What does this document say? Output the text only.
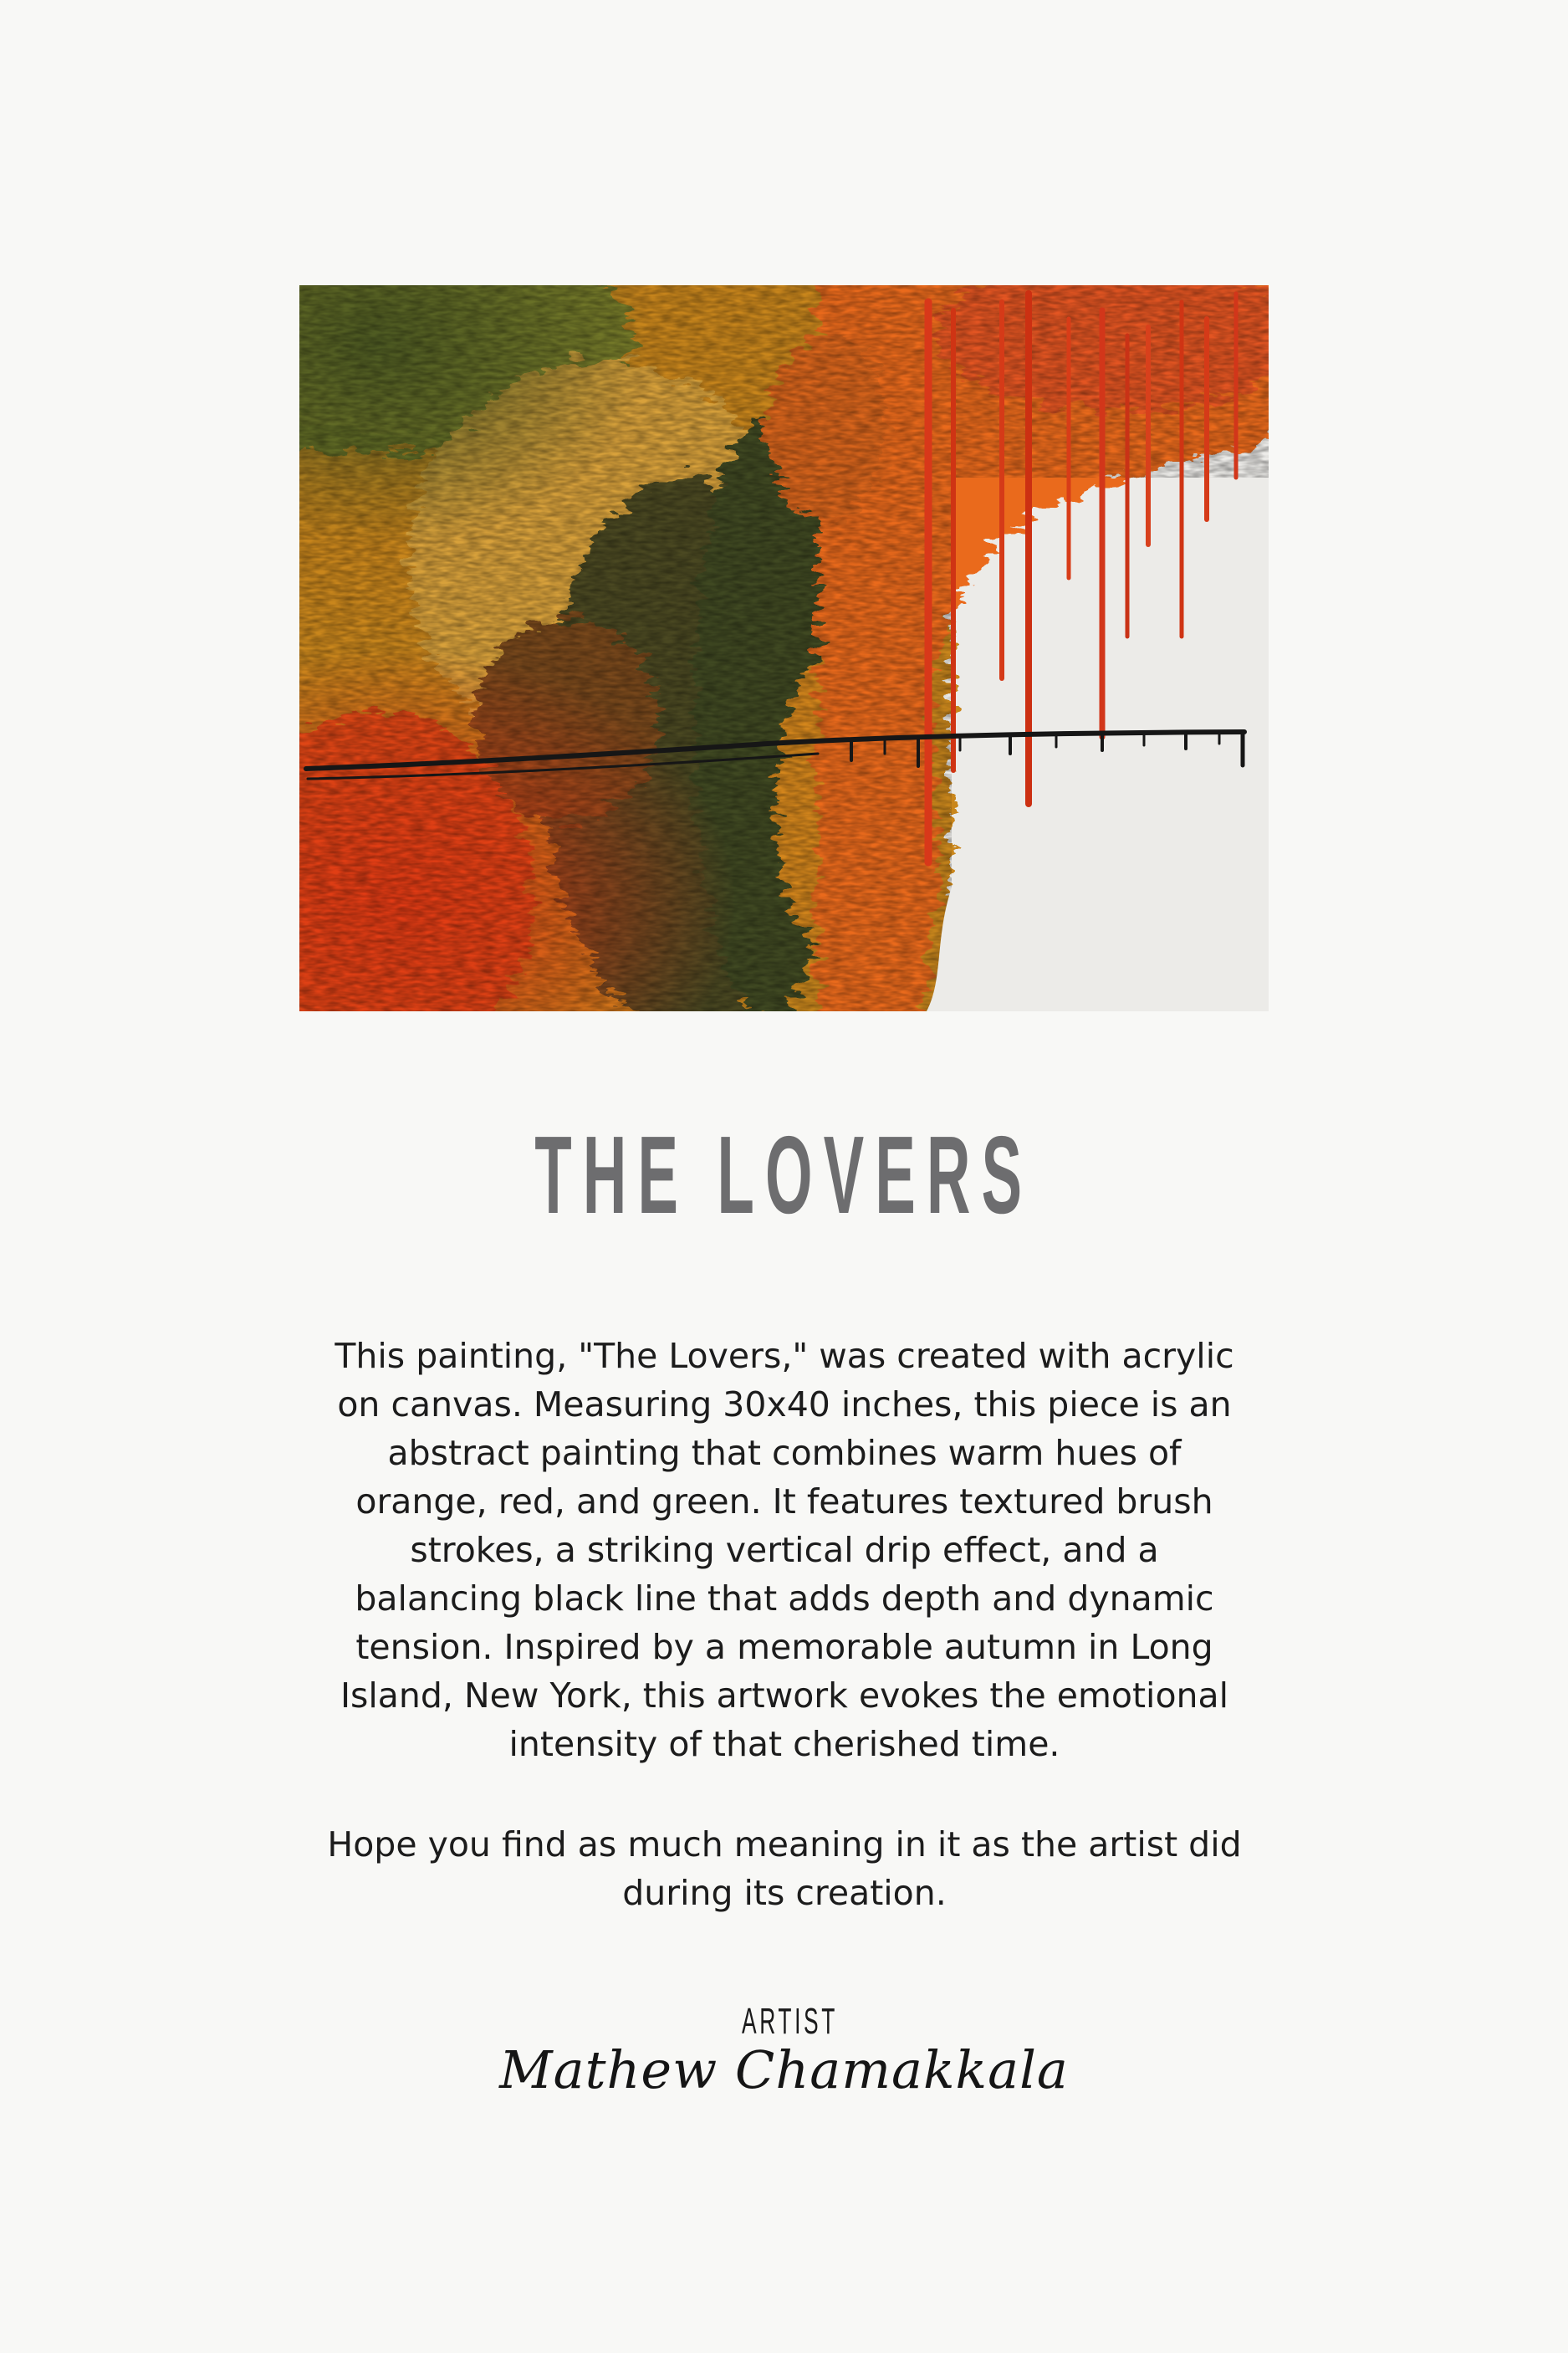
THE LOVERS

This painting, "The Lovers," was created with acrylic on canvas. Measuring 30x40 inches, this piece is an abstract painting that combines warm hues of orange, red, and green. It features textured brush strokes, a striking vertical drip effect, and a balancing black line that adds depth and dynamic tension. Inspired by a memorable autumn in Long Island, New York, this artwork evokes the emotional intensity of that cherished time.

Hope you find as much meaning in it as the artist did during its creation.

ARTIST
Mathew Chamakkala
